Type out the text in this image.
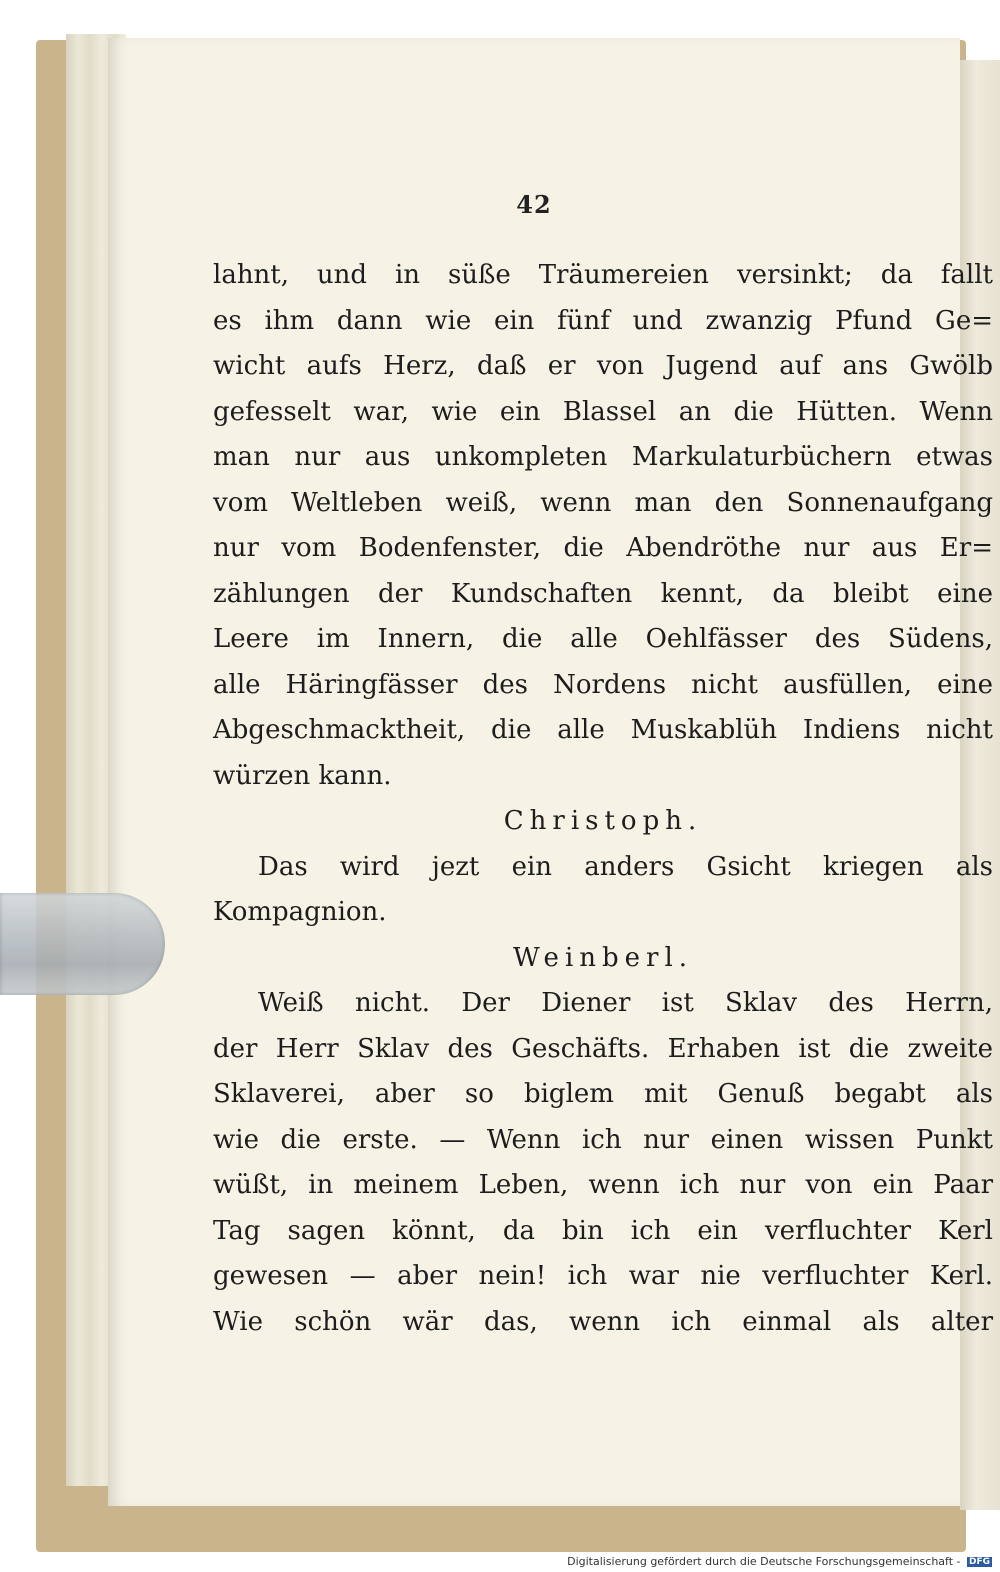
42
lahnt, und in süße Träumereien versinkt; da fallt
es ihm dann wie ein fünf und zwanzig Pfund Ge=
wicht aufs Herz, daß er von Jugend auf ans Gwölb
gefesselt war, wie ein Blassel an die Hütten. Wenn
man nur aus unkompleten Markulaturbüchern etwas
vom Weltleben weiß, wenn man den Sonnenaufgang
nur vom Bodenfenster, die Abendröthe nur aus Er=
zählungen der Kundschaften kennt, da bleibt eine
Leere im Innern, die alle Oehlfässer des Südens,
alle Häringfässer des Nordens nicht ausfüllen, eine
Abgeschmacktheit, die alle Muskablüh Indiens nicht
würzen kann.
Christoph.
Das wird jezt ein anders Gsicht kriegen als
Kompagnion.
Weinberl.
Weiß nicht. Der Diener ist Sklav des Herrn,
der Herr Sklav des Geschäfts. Erhaben ist die zweite
Sklaverei, aber so biglem mit Genuß begabt als
wie die erste. — Wenn ich nur einen wissen Punkt
wüßt, in meinem Leben, wenn ich nur von ein Paar
Tag sagen könnt, da bin ich ein verfluchter Kerl
gewesen — aber nein! ich war nie verfluchter Kerl.
Wie schön wär das, wenn ich einmal als alter
Digitalisierung gefördert durch die Deutsche Forschungsgemeinschaft - DFG
